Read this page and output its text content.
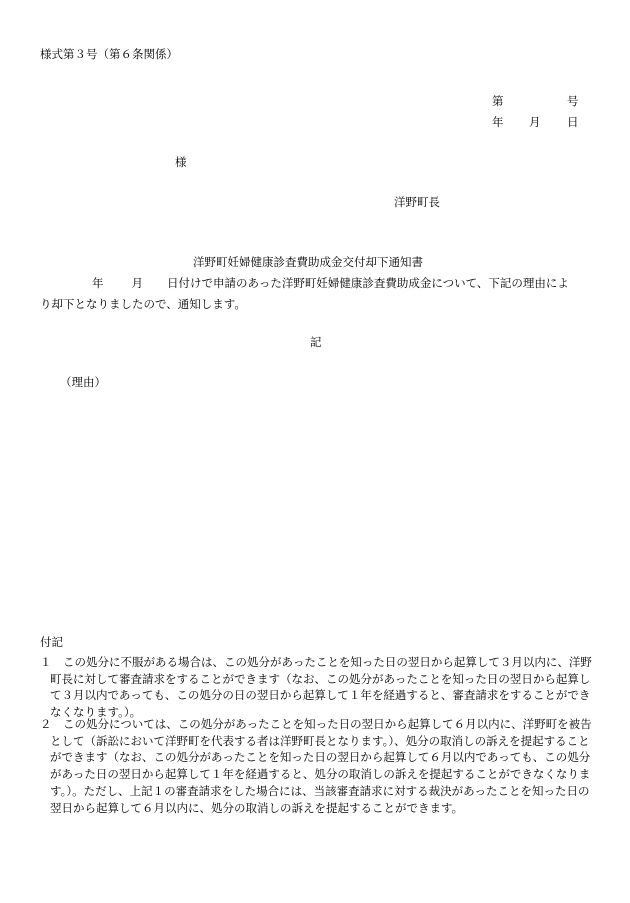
様式第３号（第６条関係）
第	号
年 月 日
様
洋野町長
洋野町妊婦健康診査費助成金交付却下通知書
年 月 日付けで申請のあった洋野町妊婦健康診査費助成金について、下記の理由によ
り却下となりましたので、通知します。
記
（理由）
付記
１	この処分に不服がある場合は、この処分があったことを知った日の翌日から起算して３月以内に、洋野町長に対して審査請求をすることができます（なお、この処分があったことを知った日の翌日から起算して３月以内であっても、この処分の日の翌日から起算して１年を経過すると、審査請求をすることができなくなります。）。
２	この処分については、この処分があったことを知った日の翌日から起算して６月以内に、洋野町を被告として（訴訟において洋野町を代表する者は洋野町長となります。）、処分の取消しの訴えを提起することができます（なお、この処分があったことを知った日の翌日から起算して６月以内であっても、この処分があった日の翌日から起算して１年を経過すると、処分の取消しの訴えを提起することができなくなります。）。ただし、上記１の審査請求をした場合には、当該審査請求に対する裁決があったことを知った日の翌日から起算して６月以内に、処分の取消しの訴えを提起することができます。
